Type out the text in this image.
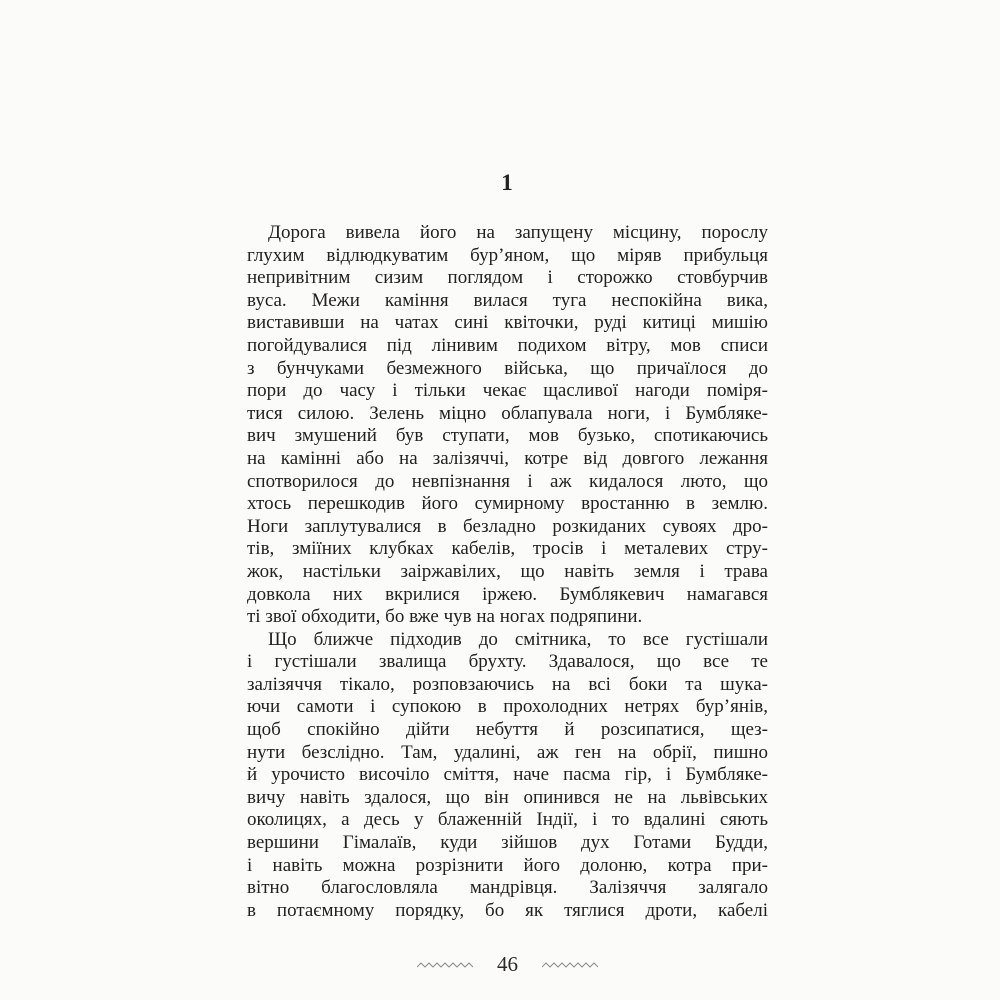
1
Дорога вивела його на запущену місцину, порослу
глухим відлюдкуватим бур’яном, що міряв прибульця
непривітним сизим поглядом і сторожко стовбурчив
вуса. Межи каміння вилася туга неспокійна вика,
виставивши на чатах сині квіточки, руді китиці мишію
погойдувалися під лінивим подихом вітру, мов списи
з бунчуками безмежного війська, що причаїлося до
пори до часу і тільки чекає щасливої нагоди поміря-
тися силою. Зелень міцно облапувала ноги, і Бумбляке-
вич змушений був ступати, мов бузько, спотикаючись
на камінні або на залізяччі, котре від довгого лежання
спотворилося до невпізнання і аж кидалося люто, що
хтось перешкодив його сумирному вростанню в землю.
Ноги заплутувалися в безладно розкиданих сувоях дро-
тів, зміїних клубках кабелів, тросів і металевих стру-
жок, настільки заіржавілих, що навіть земля і трава
довкола них вкрилися іржею. Бумблякевич намагався
ті звої обходити, бо вже чув на ногах подряпини.
Що ближче підходив до смітника, то все густішали
і густішали звалища брухту. Здавалося, що все те
залізяччя тікало, розповзаючись на всі боки та шука-
ючи самоти і супокою в прохолодних нетрях бур’янів,
щоб спокійно дійти небуття й розсипатися, щез-
нути безслідно. Там, удалині, аж ген на обрії, пишно
й урочисто височіло сміття, наче пасма гір, і Бумбляке-
вичу навіть здалося, що він опинився не на львівських
околицях, а десь у блаженній Індії, і то вдалині сяють
вершини Гімалаїв, куди зійшов дух Готами Будди,
і навіть можна розрізнити його долоню, котра при-
вітно благословляла мандрівця. Залізяччя залягало
в потаємному порядку, бо як тяглися дроти, кабелі
46
